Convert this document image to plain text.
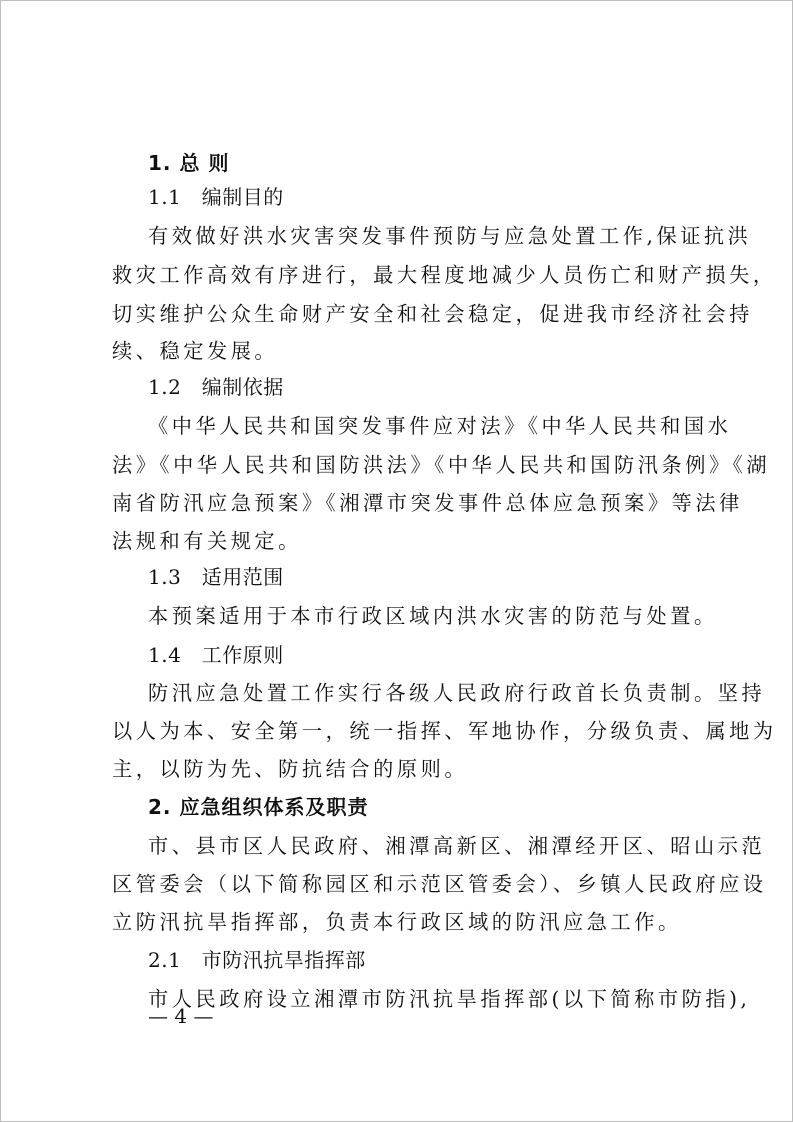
1. 总 则
1.1　编制目的
有效做好洪水灾害突发事件预防与应急处置工作,保证抗洪
救灾工作高效有序进行，最大程度地减少人员伤亡和财产损失，
切实维护公众生命财产安全和社会稳定，促进我市经济社会持
续、稳定发展。
1.2　编制依据
《中华人民共和国突发事件应对法》《中华人民共和国水
法》《中华人民共和国防洪法》《中华人民共和国防汛条例》《湖
南省防汛应急预案》《湘潭市突发事件总体应急预案》等法律
法规和有关规定。
1.3　适用范围
本预案适用于本市行政区域内洪水灾害的防范与处置。
1.4　工作原则
防汛应急处置工作实行各级人民政府行政首长负责制。坚持
以人为本、安全第一，统一指挥、军地协作，分级负责、属地为
主，以防为先、防抗结合的原则。
2. 应急组织体系及职责
市、县市区人民政府、湘潭高新区、湘潭经开区、昭山示范
区管委会（以下简称园区和示范区管委会）、乡镇人民政府应设
立防汛抗旱指挥部，负责本行政区域的防汛应急工作。
2.1　市防汛抗旱指挥部
市人民政府设立湘潭市防汛抗旱指挥部(以下简称市防指),
— 4 —
